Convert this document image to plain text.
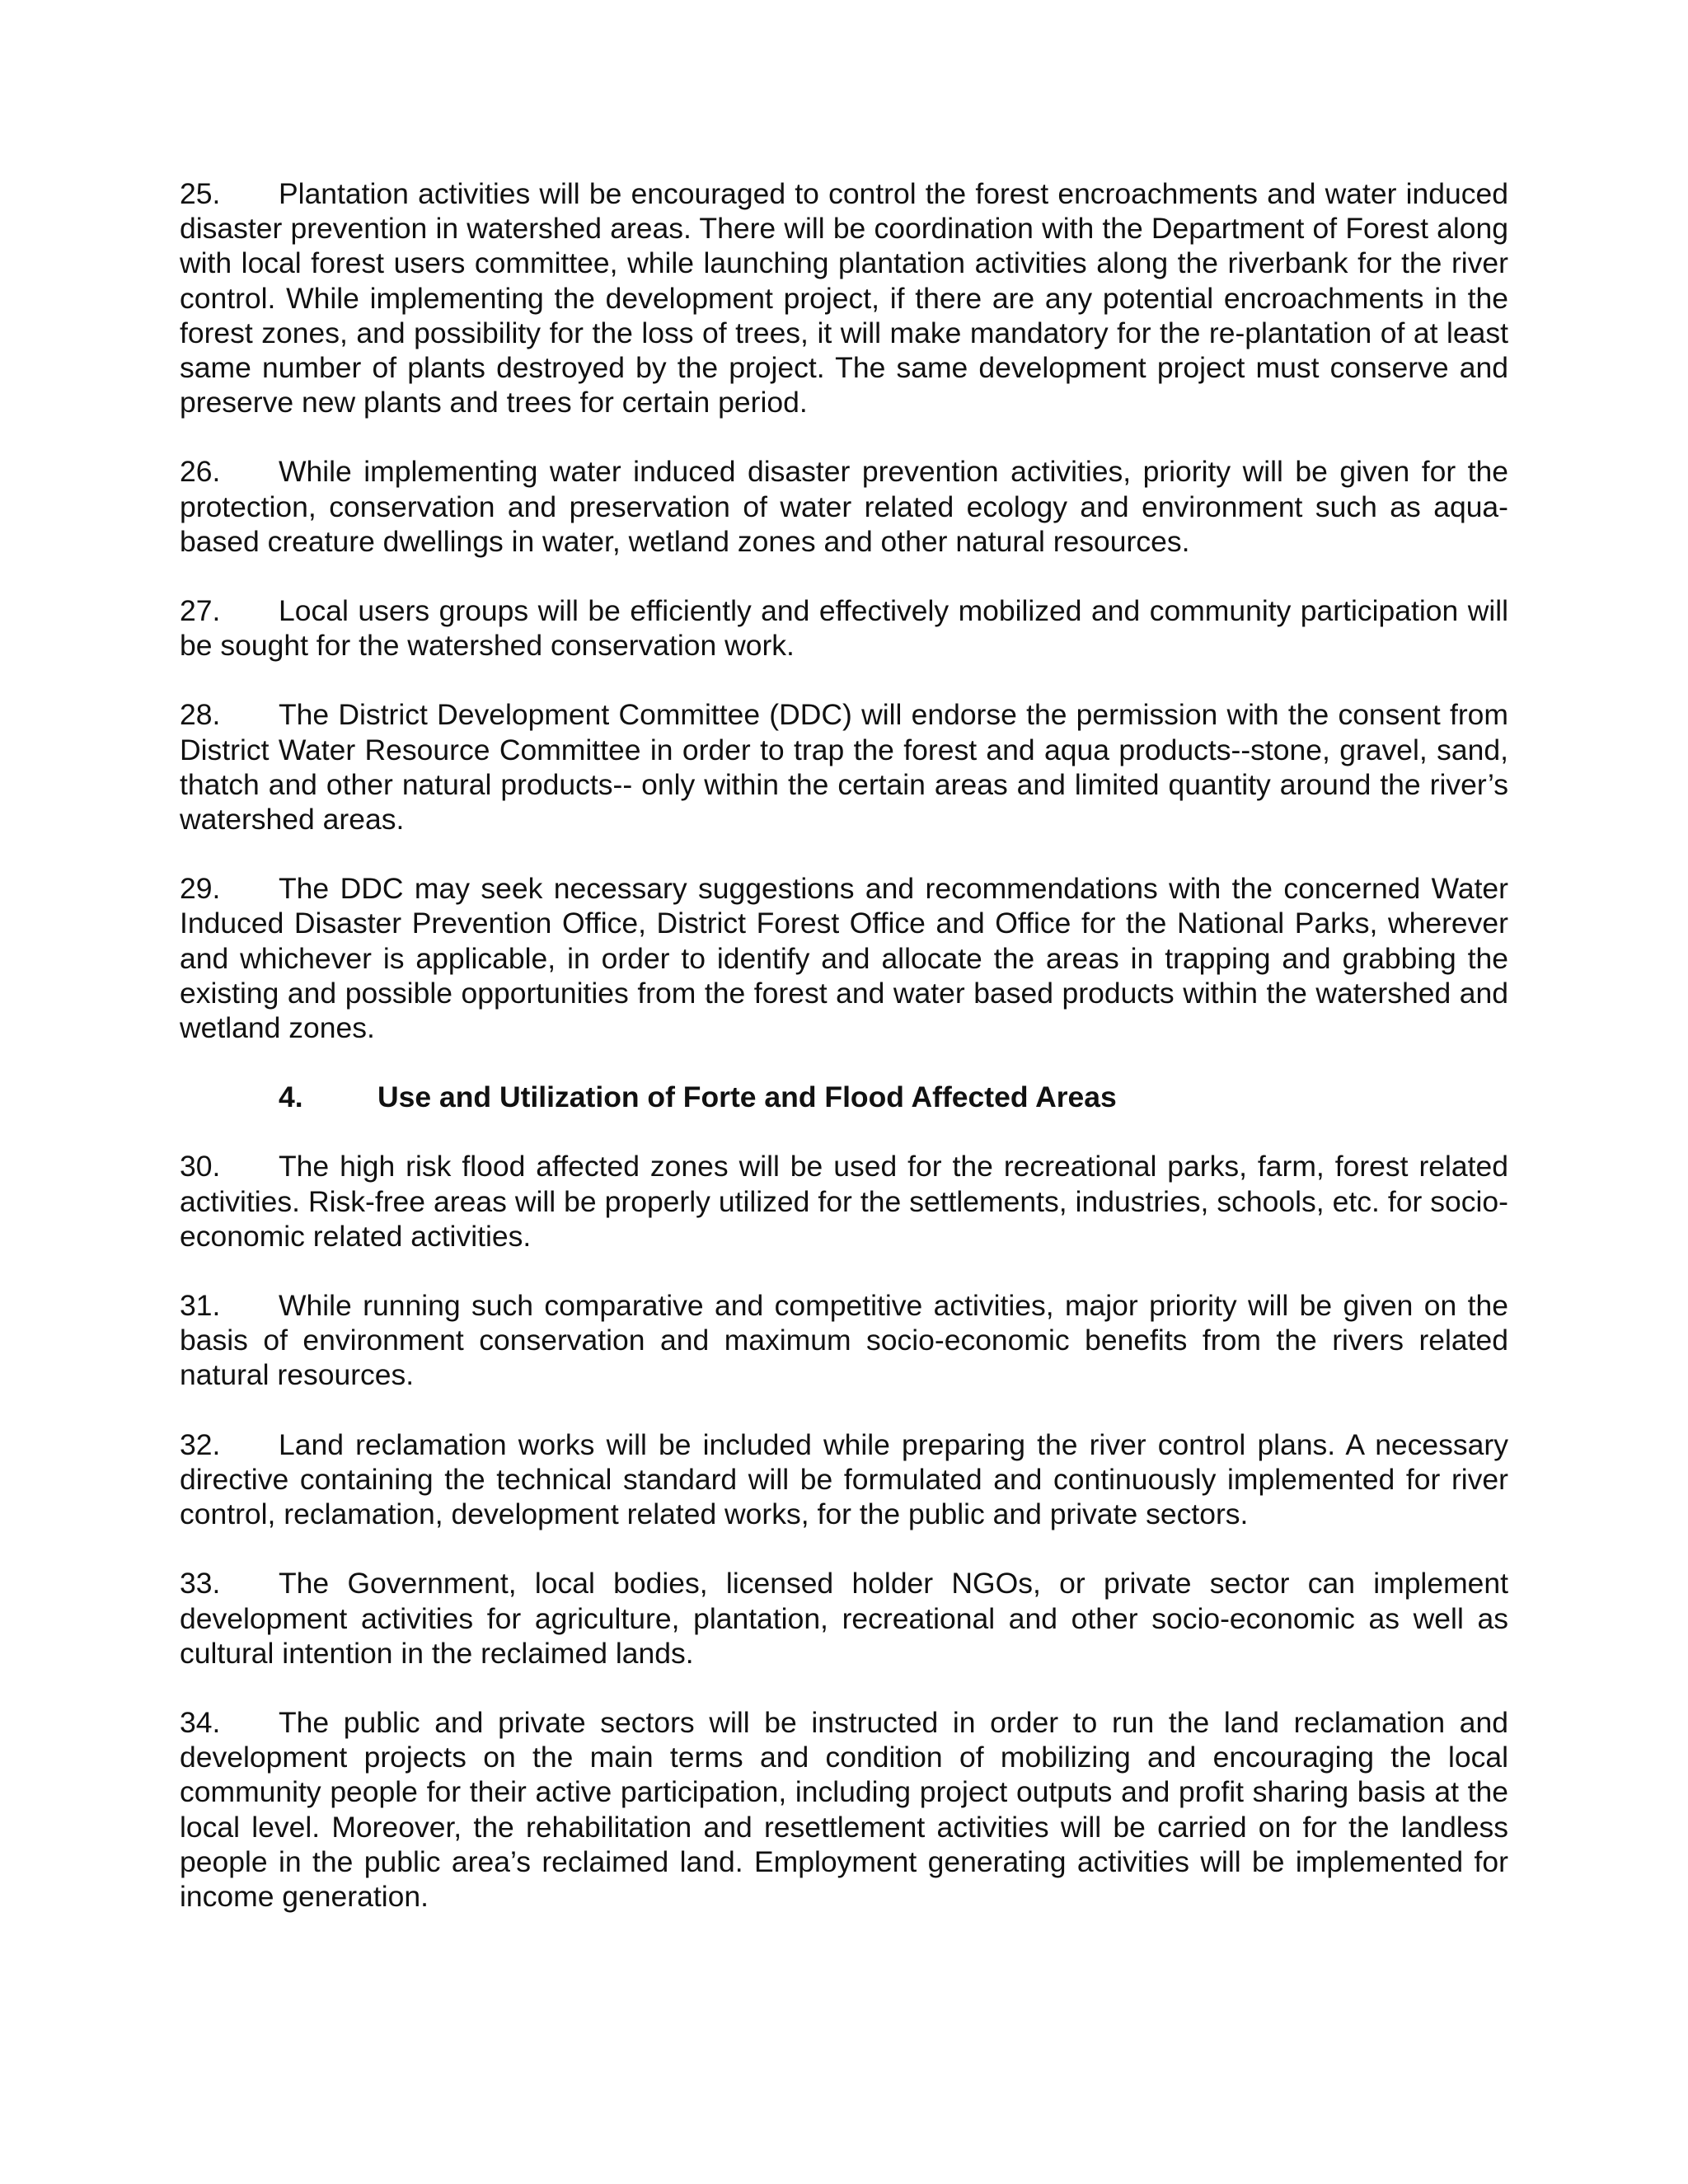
25. Plantation activities will be encouraged to control the forest encroachments and water induced disaster prevention in watershed areas. There will be coordination with the Department of Forest along with local forest users committee, while launching plantation activities along the riverbank for the river control. While implementing the development project, if there are any potential encroachments in the forest zones, and possibility for the loss of trees, it will make mandatory for the re-plantation of at least same number of plants destroyed by the project. The same development project must conserve and preserve new plants and trees for certain period.

26. While implementing water induced disaster prevention activities, priority will be given for the protection, conservation and preservation of water related ecology and environment such as aqua-based creature dwellings in water, wetland zones and other natural resources.

27. Local users groups will be efficiently and effectively mobilized and community participation will be sought for the watershed conservation work.

28. The District Development Committee (DDC) will endorse the permission with the consent from District Water Resource Committee in order to trap the forest and aqua products--stone, gravel, sand, thatch and other natural products-- only within the certain areas and limited quantity around the river’s watershed areas.

29. The DDC may seek necessary suggestions and recommendations with the concerned Water Induced Disaster Prevention Office, District Forest Office and Office for the National Parks, wherever and whichever is applicable, in order to identify and allocate the areas in trapping and grabbing the existing and possible opportunities from the forest and water based products within the watershed and wetland zones.

4.	Use and Utilization of Forte and Flood Affected Areas

30. The high risk flood affected zones will be used for the recreational parks, farm, forest related activities. Risk-free areas will be properly utilized for the settlements, industries, schools, etc. for socio-economic related activities.

31. While running such comparative and competitive activities, major priority will be given on the basis of environment conservation and maximum socio-economic benefits from the rivers related natural resources.

32. Land reclamation works will be included while preparing the river control plans. A necessary directive containing the technical standard will be formulated and continuously implemented for river control, reclamation, development related works, for the public and private sectors.

33. The Government, local bodies, licensed holder NGOs, or private sector can implement development activities for agriculture, plantation, recreational and other socio-economic as well as cultural intention in the reclaimed lands.

34. The public and private sectors will be instructed in order to run the land reclamation and development projects on the main terms and condition of mobilizing and encouraging the local community people for their active participation, including project outputs and profit sharing basis at the local level. Moreover, the rehabilitation and resettlement activities will be carried on for the landless people in the public area’s reclaimed land. Employment generating activities will be implemented for income generation.
